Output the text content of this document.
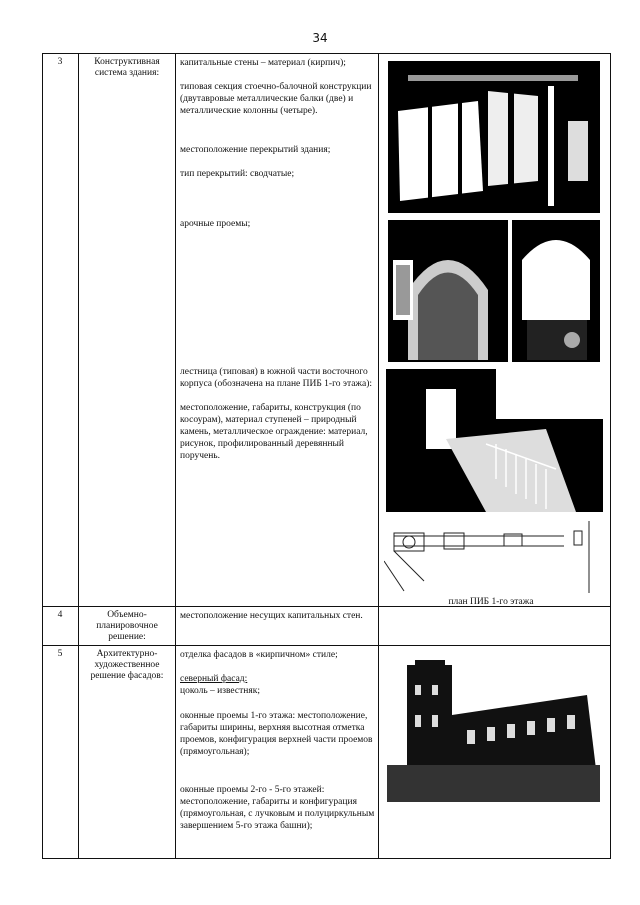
34
3	Конструктивная система здания:
капитальные стены – материал (кирпич);
типовая секция стоечно-балочной конструкции (двутавровые металлические балки (две) и металлические колонны (четыре).
местоположение перекрытий здания;
тип перекрытий: сводчатые;
арочные проемы;
лестница (типовая) в южной части восточного корпуса (обозначена на плане ПИБ 1-го этажа):
местоположение, габариты, конструкция (по косоурам), материал ступеней – природный камень, металлическое ограждение: материал, рисунок, профилированный деревянный поручень.
план ПИБ 1-го этажа
4	Объемно-планировочное решение:
местоположение несущих капитальных стен.
5	Архитектурно-художественное решение фасадов:
отделка фасадов в «кирпичном» стиле;
северный фасад:
цоколь – известняк;
оконные проемы 1-го этажа: местоположение, габариты ширины, верхняя высотная отметка проемов, конфигурация верхней части проемов (прямоугольная);
оконные проемы 2-го - 5-го этажей: местоположение, габариты и конфигурация (прямоугольная, с лучковым и полуциркульным завершением 5-го этажа башни);
